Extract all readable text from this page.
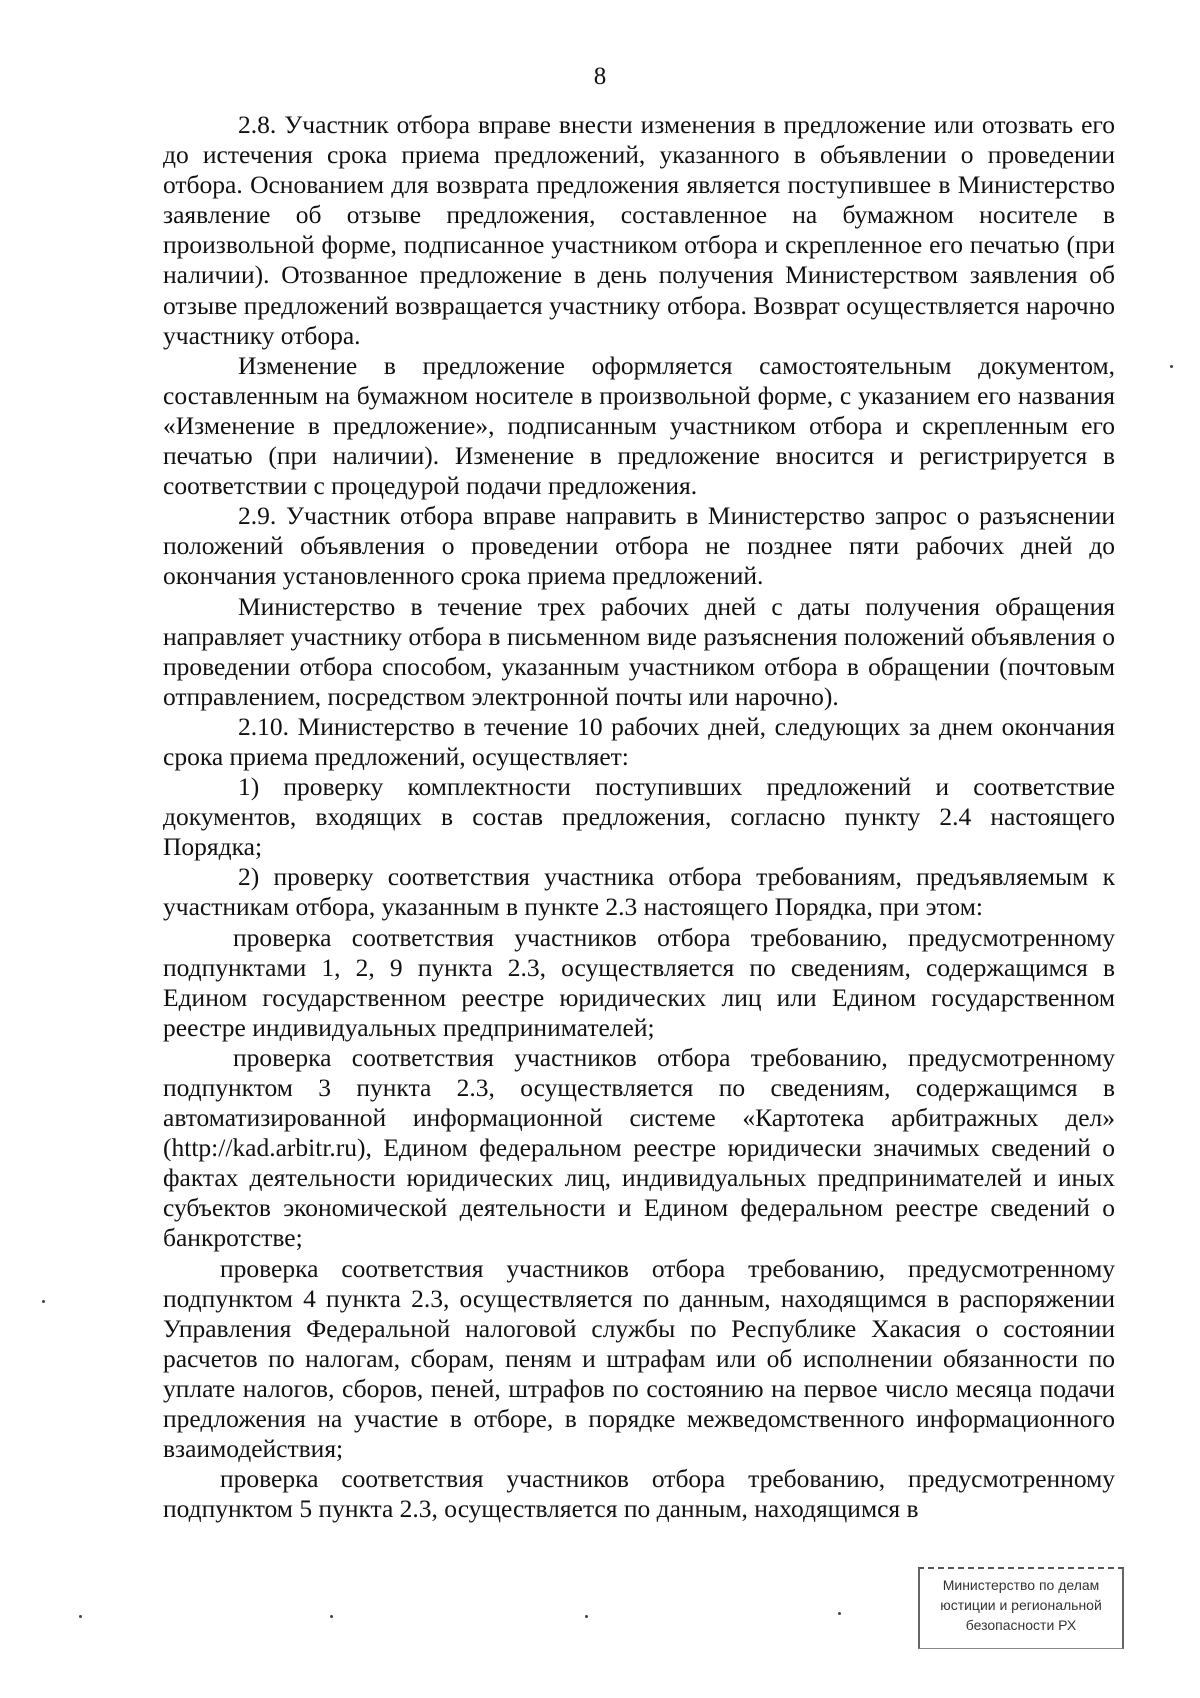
8

2.8. Участник отбора вправе внести изменения в предложение или отозвать его до истечения срока приема предложений, указанного в объявлении о проведении отбора. Основанием для возврата предложения является поступившее в Министерство заявление об отзыве предложения, составленное на бумажном носителе в произвольной форме, подписанное участником отбора и скрепленное его печатью (при наличии). Отозванное предложение в день получения Министерством заявления об отзыве предложений возвращается участнику отбора. Возврат осуществляется нарочно участнику отбора.

Изменение в предложение оформляется самостоятельным документом, составленным на бумажном носителе в произвольной форме, с указанием его названия «Изменение в предложение», подписанным участником отбора и скрепленным его печатью (при наличии). Изменение в предложение вносится и регистрируется в соответствии с процедурой подачи предложения.

2.9. Участник отбора вправе направить в Министерство запрос о разъяснении положений объявления о проведении отбора не позднее пяти рабочих дней до окончания установленного срока приема предложений.

Министерство в течение трех рабочих дней с даты получения обращения направляет участнику отбора в письменном виде разъяснения положений объявления о проведении отбора способом, указанным участником отбора в обращении (почтовым отправлением, посредством электронной почты или нарочно).

2.10. Министерство в течение 10 рабочих дней, следующих за днем окончания срока приема предложений, осуществляет:

1) проверку комплектности поступивших предложений и соответствие документов, входящих в состав предложения, согласно пункту 2.4 настоящего Порядка;

2) проверку соответствия участника отбора требованиям, предъявляемым к участникам отбора, указанным в пункте 2.3 настоящего Порядка, при этом:

проверка соответствия участников отбора требованию, предусмотренному подпунктами 1, 2, 9 пункта 2.3, осуществляется по сведениям, содержащимся в Едином государственном реестре юридических лиц или Едином государственном реестре индивидуальных предпринимателей;

проверка соответствия участников отбора требованию, предусмотренному подпунктом 3 пункта 2.3, осуществляется по сведениям, содержащимся в автоматизированной информационной системе «Картотека арбитражных дел» (http://kad.arbitr.ru), Едином федеральном реестре юридически значимых сведений о фактах деятельности юридических лиц, индивидуальных предпринимателей и иных субъектов экономической деятельности и Едином федеральном реестре сведений о банкротстве;

проверка соответствия участников отбора требованию, предусмотренному подпунктом 4 пункта 2.3, осуществляется по данным, находящимся в распоряжении Управления Федеральной налоговой службы по Республике Хакасия о состоянии расчетов по налогам, сборам, пеням и штрафам или об исполнении обязанности по уплате налогов, сборов, пеней, штрафов по состоянию на первое число месяца подачи предложения на участие в отборе, в порядке межведомственного информационного взаимодействия;

проверка соответствия участников отбора требованию, предусмотренному подпунктом 5 пункта 2.3, осуществляется по данным, находящимся в

Министерство по делам
юстиции и региональной
безопасности РХ
